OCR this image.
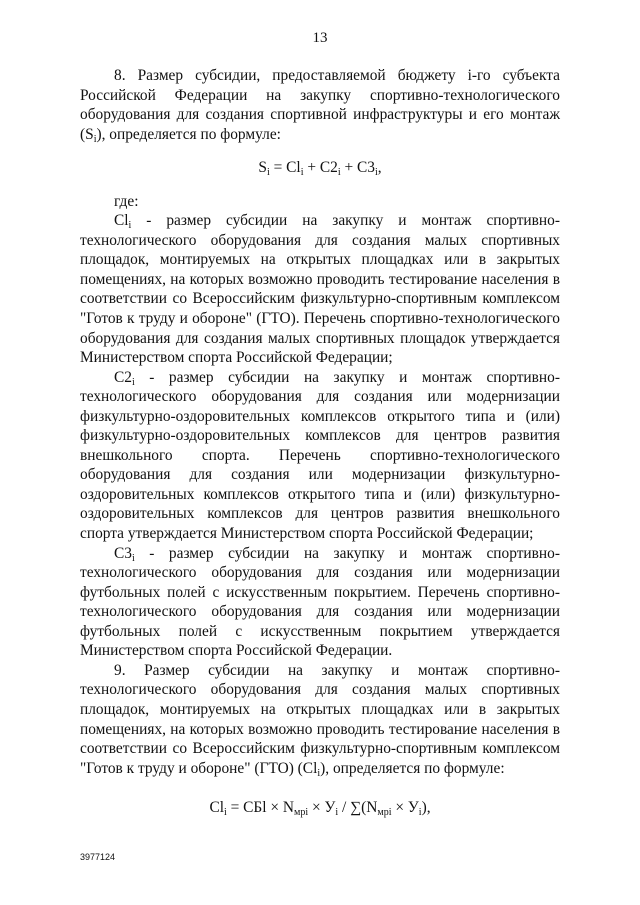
13

8. Размер субсидии, предоставляемой бюджету i-го субъекта Российской Федерации на закупку спортивно-технологического оборудования для создания спортивной инфраструктуры и его монтаж $(S_i)$, определяется по формуле:

$S_i = Cl_i + C2_i + C3_i$,

где:

$Cl_i$ - размер субсидии на закупку и монтаж спортивно-технологического оборудования для создания малых спортивных площадок, монтируемых на открытых площадках или в закрытых помещениях, на которых возможно проводить тестирование населения в соответствии со Всероссийским физкультурно-спортивным комплексом "Готов к труду и обороне" (ГТО). Перечень спортивно-технологического оборудования для создания малых спортивных площадок утверждается Министерством спорта Российской Федерации;

$С2_i$ - размер субсидии на закупку и монтаж спортивно-технологического оборудования для создания или модернизации физкультурно-оздоровительных комплексов открытого типа и (или) физкультурно-оздоровительных комплексов для центров развития внешкольного спорта. Перечень спортивно-технологического оборудования для создания или модернизации физкультурно-оздоровительных комплексов открытого типа и (или) физкультурно-оздоровительных комплексов для центров развития внешкольного спорта утверждается Министерством спорта Российской Федерации;

$С3_i$ - размер субсидии на закупку и монтаж спортивно-технологического оборудования для создания или модернизации футбольных полей с искусственным покрытием. Перечень спортивно-технологического оборудования для создания или модернизации футбольных полей с искусственным покрытием утверждается Министерством спорта Российской Федерации.

9. Размер субсидии на закупку и монтаж спортивно-технологического оборудования для создания малых спортивных площадок, монтируемых на открытых площадках или в закрытых помещениях, на которых возможно проводить тестирование населения в соответствии со Всероссийским физкультурно-спортивным комплексом "Готов к труду и обороне" (ГТО) $(Cl_i)$, определяется по формуле:

$Cl_i$ = СБl × $N_{мрi} \times У_i / \sum(N_{мрi} \times У_i)$,
3977124
